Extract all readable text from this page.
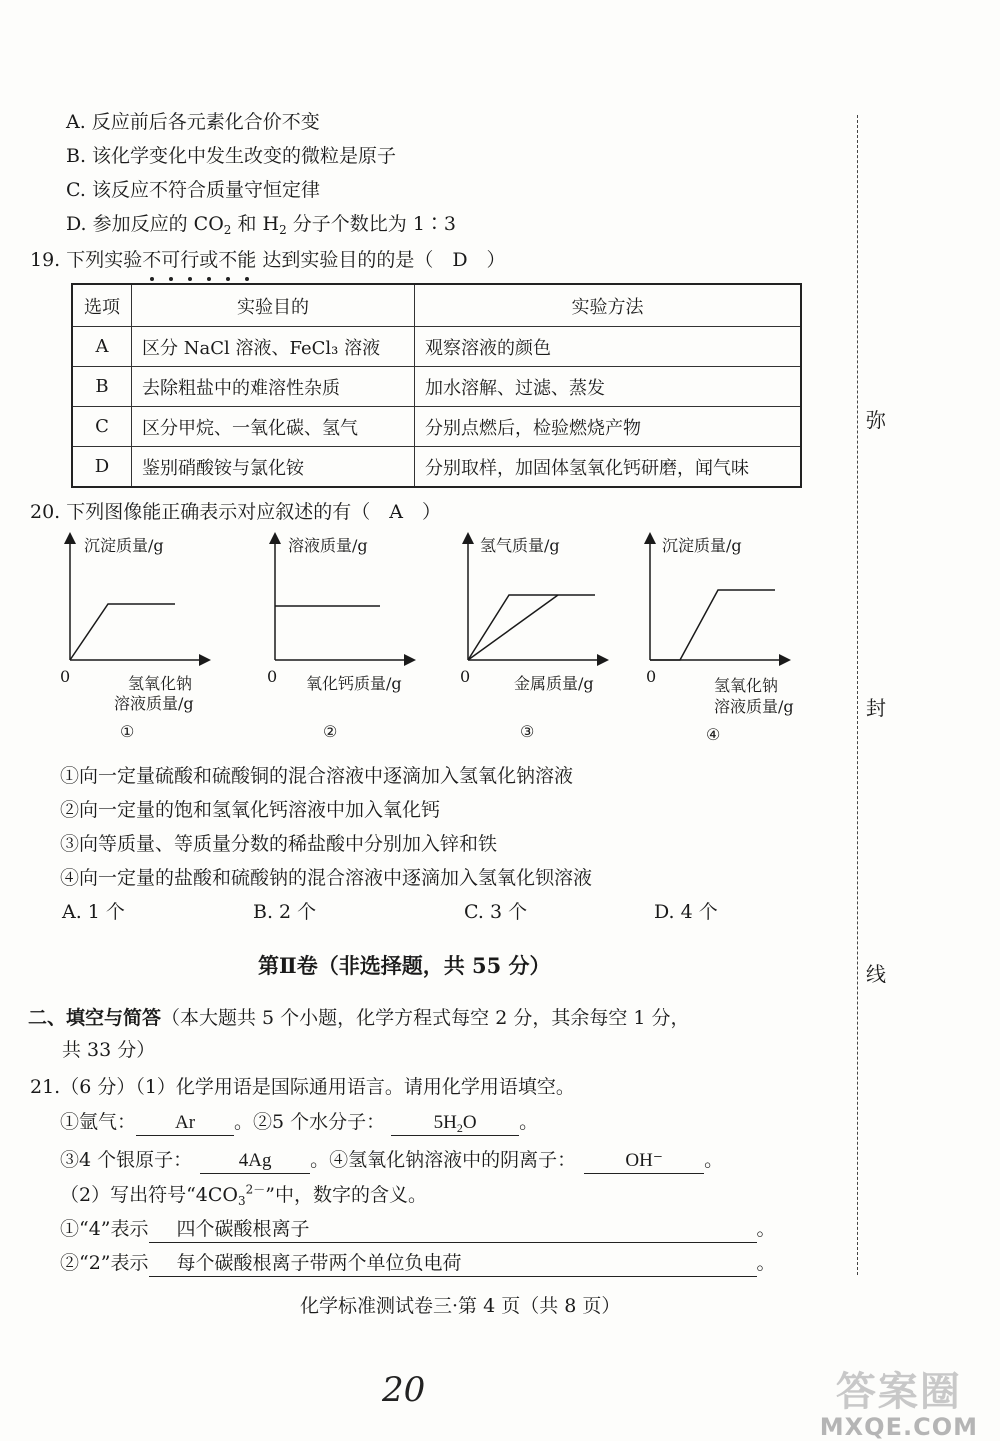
A. 反应前后各元素化合价不变
B. 该化学变化中发生改变的微粒是原子
C. 该反应不符合质量守恒定律
D. 参加反应的 $CO_2$ 和 $H_2$ 分子个数比为 1∶3
19. 下列实验不可行或不能 达到实验目的的是（　D　）
选项	实验目的	实验方法
A	区分 NaCl 溶液、FeCl₃ 溶液	观察溶液的颜色
B	去除粗盐中的难溶性杂质	加水溶解、过滤、蒸发
C	区分甲烷、一氧化碳、氢气	分别点燃后，检验燃烧产物
D	鉴别硝酸铵与氯化铵	分别取样，加固体氢氧化钙研磨，闻气味
20. 下列图像能正确表示对应叙述的有（　A　）
沉淀质量/g
0	氢氧化钠
溶液质量/g
①
溶液质量/g
0 氧化钙质量/g
②
氢气质量/g
0	金属质量/g
③
沉淀质量/g
0	氢氧化钠
溶液质量/g
④
①向一定量硫酸和硫酸铜的混合溶液中逐滴加入氢氧化钠溶液
②向一定量的饱和氢氧化钙溶液中加入氧化钙
③向等质量、等质量分数的稀盐酸中分别加入锌和铁
④向一定量的盐酸和硫酸钠的混合溶液中逐滴加入氢氧化钡溶液
A. 1 个	B. 2 个	C. 3 个	D. 4 个
第Ⅱ卷（非选择题，共 55 分）
二、填空与简答（本大题共 5 个小题，化学方程式每空 2 分，其余每空 1 分，
共 33 分）
21.（6 分）（1）化学用语是国际通用语言。请用化学用语填空。
①氩气： Ar 。②5 个水分子：	$5H_2O$ 。
③4 个银原子： 4Ag 。④氢氧化钠溶液中的阴离子：	OH⁻ 。
（2）写出符号“$4CO_3^{2-}$”中，数字的含义。
①“4”表示 四个碳酸根离子	。
②“2”表示 每个碳酸根离子带两个单位负电荷	。
化学标准测试卷三·第 4 页（共 8 页）
20
弥
封
线
答案圈
MXQE.COM
